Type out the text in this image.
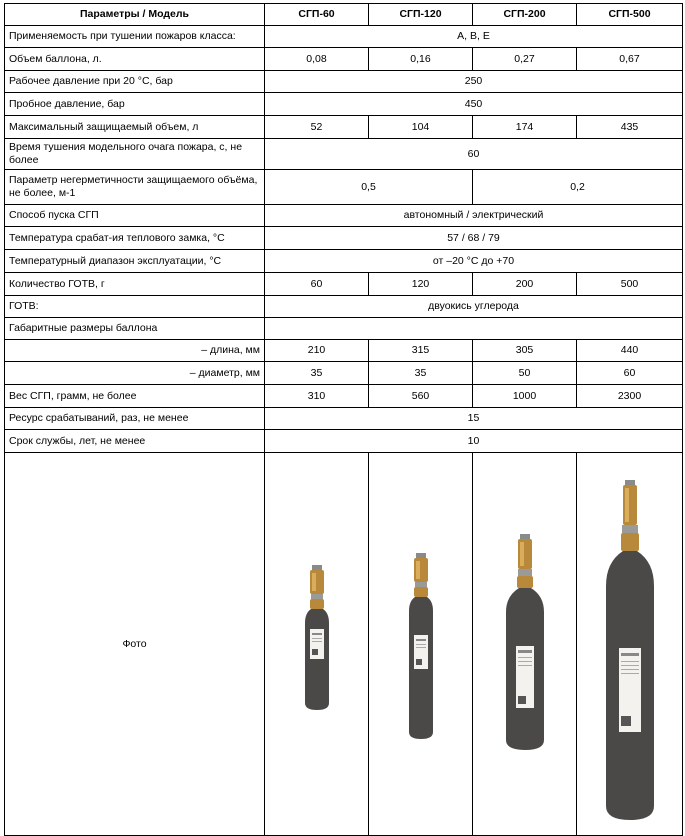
Параметры / Модель	СГП-60	СГП-120	СГП-200	СГП-500
Применяемость при тушении пожаров класса:	А, В, Е			
Объем баллона, л.	0,08	0,16	0,27	0,67
Рабочее давление при 20 °С, бар	250			
Пробное давление, бар	450			
Максимальный защищаемый объем, л	52	104	174	435
Время тушения модельного очага пожара, с, не более	60			
Параметр негерметичности защищаемого объёма, не более, м-1	0,5		0,2	
Способ пуска СГП	автономный / электрический			
Температура срабат-ия теплового замка, °С	57 / 68 / 79			
Температурный диапазон эксплуатации, °С	от –20 °С до +70			
Количество ГОТВ, г	60	120	200	500
ГОТВ:	двуокись углерода			
Габаритные размеры баллона				
– длина, мм	210	315	305	440
– диаметр, мм	35	35	50	60
Вес СГП, грамм, не более	310	560	1000	2300
Ресурс срабатываний, раз, не менее	15			
Срок службы, лет, не менее	10			
Фото	
